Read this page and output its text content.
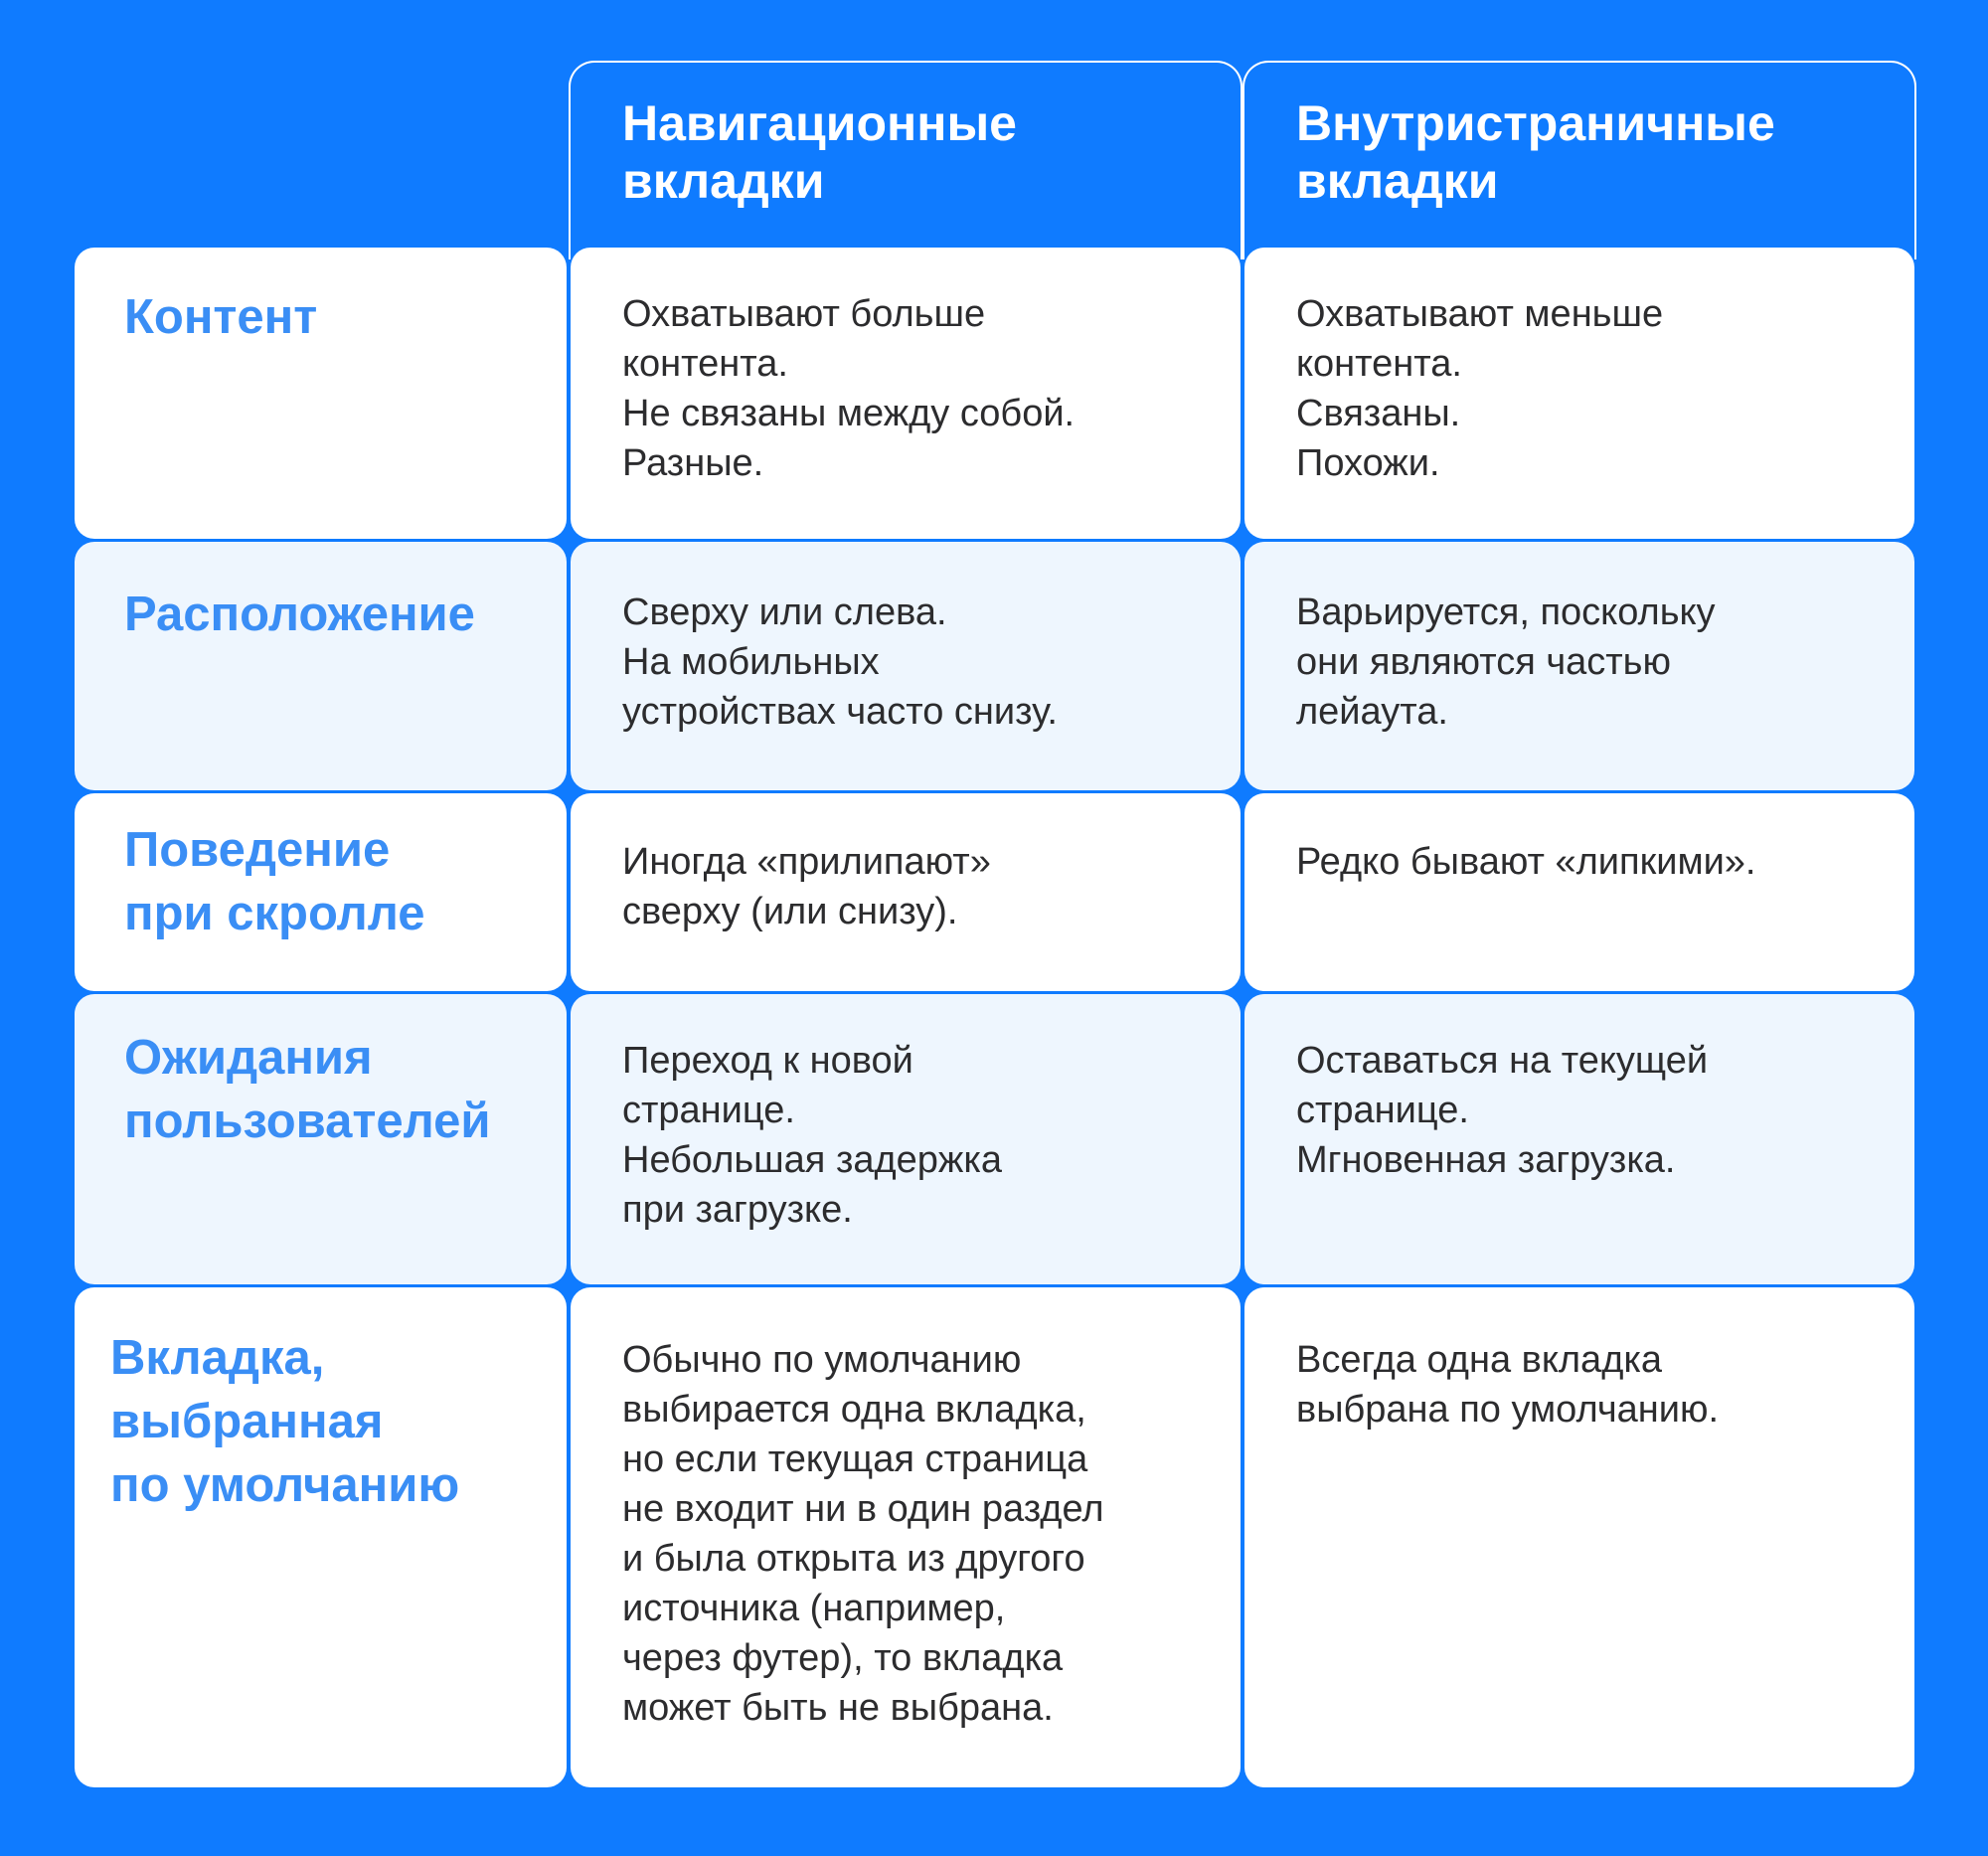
Навигационные
вкладки
Внутристраничные
вкладки
Контент	Охватывают больше
контента.
Не связаны между собой.
Разные.
Охватывают меньше
контента.
Связаны.
Похожи.
Расположение	Сверху или слева.
На мобильных
устройствах часто снизу.
Варьируется, поскольку
они являются частью
лейаута.
Поведение
при скролле
Иногда «прилипают»
сверху (или снизу).
Редко бывают «липкими».
Ожидания
пользователей
Переход к новой
странице.
Небольшая задержка
при загрузке.
Оставаться на текущей
странице.
Мгновенная загрузка.
Вкладка,
выбранная
по умолчанию
Обычно по умолчанию
выбирается одна вкладка,
но если текущая страница
не входит ни в один раздел
и была открыта из другого
источника (например,
через футер), то вкладка
может быть не выбрана.
Всегда одна вкладка
выбрана по умолчанию.
